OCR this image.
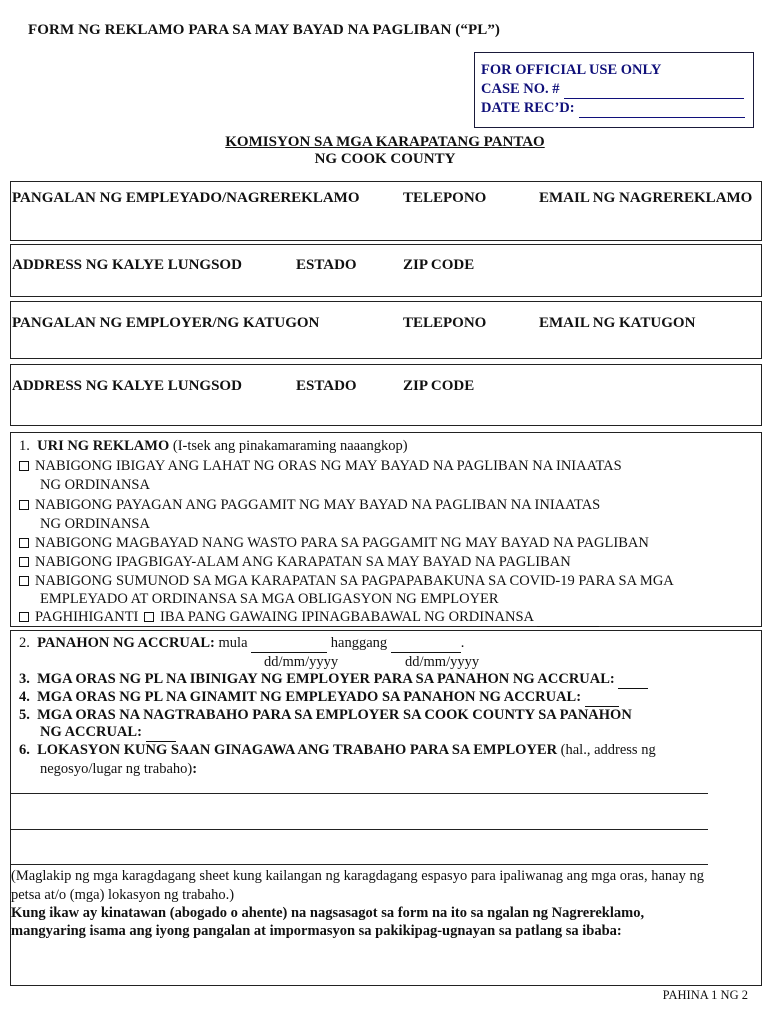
FORM NG REKLAMO PARA SA MAY BAYAD NA PAGLIBAN (“PL”)
FOR OFFICIAL USE ONLY
CASE NO. #
DATE REC’D:
KOMISYON SA MGA KARAPATANG PANTAO
NG COOK COUNTY
PANGALAN NG EMPLEYADO/NAGREREKLAMO	TELEPONO	EMAIL NG NAGREREKLAMO
ADDRESS NG KALYE LUNGSOD	ESTADO	ZIP CODE
PANGALAN NG EMPLOYER/NG KATUGON	TELEPONO	EMAIL NG KATUGON
ADDRESS NG KALYE LUNGSOD	ESTADO	ZIP CODE
1. URI NG REKLAMO (I-tsek ang pinakamaraming naaangkop)
NABIGONG IBIGAY ANG LAHAT NG ORAS NG MAY BAYAD NA PAGLIBAN NA INIAATAS
NG ORDINANSA
NABIGONG PAYAGAN ANG PAGGAMIT NG MAY BAYAD NA PAGLIBAN NA INIAATAS
NG ORDINANSA
NABIGONG MAGBAYAD NANG WASTO PARA SA PAGGAMIT NG MAY BAYAD NA PAGLIBAN
NABIGONG IPAGBIGAY-ALAM ANG KARAPATAN SA MAY BAYAD NA PAGLIBAN
NABIGONG SUMUNOD SA MGA KARAPATAN SA PAGPAPABAKUNA SA COVID-19 PARA SA MGA
EMPLEYADO AT ORDINANSA SA MGA OBLIGASYON NG EMPLOYER
PAGHIHIGANTI IBA PANG GAWAING IPINAGBABAWAL NG ORDINANSA
2. PANAHON NG ACCRUAL: mula	hanggang	.
dd/mm/yyyy	dd/mm/yyyy
3. MGA ORAS NG PL NA IBINIGAY NG EMPLOYER PARA SA PANAHON NG ACCRUAL:
4. MGA ORAS NG PL NA GINAMIT NG EMPLEYADO SA PANAHON NG ACCRUAL:
5. MGA ORAS NA NAGTRABAHO PARA SA EMPLOYER SA COOK COUNTY SA PANAHON
NG ACCRUAL:
6. LOKASYON KUNG SAAN GINAGAWA ANG TRABAHO PARA SA EMPLOYER (hal., address ng
negosyo/lugar ng trabaho):
(Maglakip ng mga karagdagang sheet kung kailangan ng karagdagang espasyo para ipaliwanag ang mga oras, hanay ng
petsa at/o (mga) lokasyon ng trabaho.)
Kung ikaw ay kinatawan (abogado o ahente) na nagsasagot sa form na ito sa ngalan ng Nagrereklamo,
mangyaring isama ang iyong pangalan at impormasyon sa pakikipag-ugnayan sa patlang sa ibaba:
PAHINA 1 NG 2
